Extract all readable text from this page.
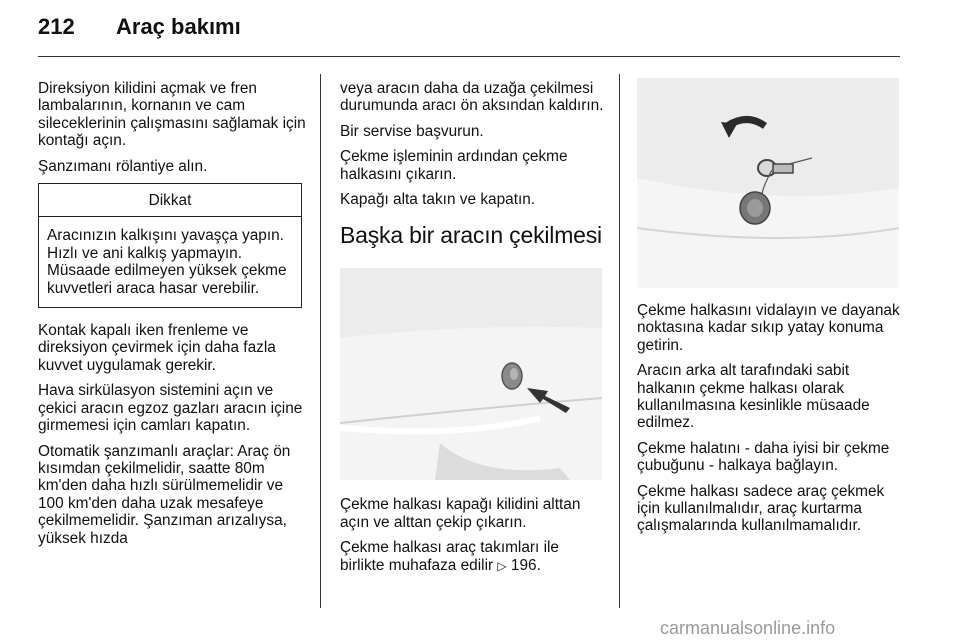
212 Araç bakımı

Direksiyon kilidini açmak ve fren lambalarının, kornanın ve cam sileceklerinin çalışmasını sağlamak için kontağı açın.

Şanzımanı rölantiye alın.

Dikkat
Aracınızın kalkışını yavaşça yapın. Hızlı ve ani kalkış yapmayın. Müsaade edilmeyen yüksek çekme kuvvetleri araca hasar verebilir.

Kontak kapalı iken frenleme ve direksiyon çevirmek için daha fazla kuvvet uygulamak gerekir.

Hava sirkülasyon sistemini açın ve çekici aracın egzoz gazları aracın içine girmemesi için camları kapatın.

Otomatik şanzımanlı araçlar: Araç ön kısımdan çekilmelidir, saatte 80m km'den daha hızlı sürülmemelidir ve 100 km'den daha uzak mesafeye çekilmemelidir. Şanzıman arızalıysa, yüksek hızda

veya aracın daha da uzağa çekilmesi durumunda aracı ön aksından kaldırın.

Bir servise başvurun.

Çekme işleminin ardından çekme halkasını çıkarın.

Kapağı alta takın ve kapatın.

Başka bir aracın çekilmesi

Çekme halkası kapağı kilidini alttan açın ve alttan çekip çıkarın.

Çekme halkası araç takımları ile birlikte muhafaza edilir ▷ 196.

Çekme halkasını vidalayın ve dayanak noktasına kadar sıkıp yatay konuma getirin.

Aracın arka alt tarafındaki sabit halkanın çekme halkası olarak kullanılmasına kesinlikle müsaade edilmez.

Çekme halatını - daha iyisi bir çekme çubuğunu - halkaya bağlayın.

Çekme halkası sadece araç çekmek için kullanılmalıdır, araç kurtarma çalışmalarında kullanılmamalıdır.

carmanualsonline.info
